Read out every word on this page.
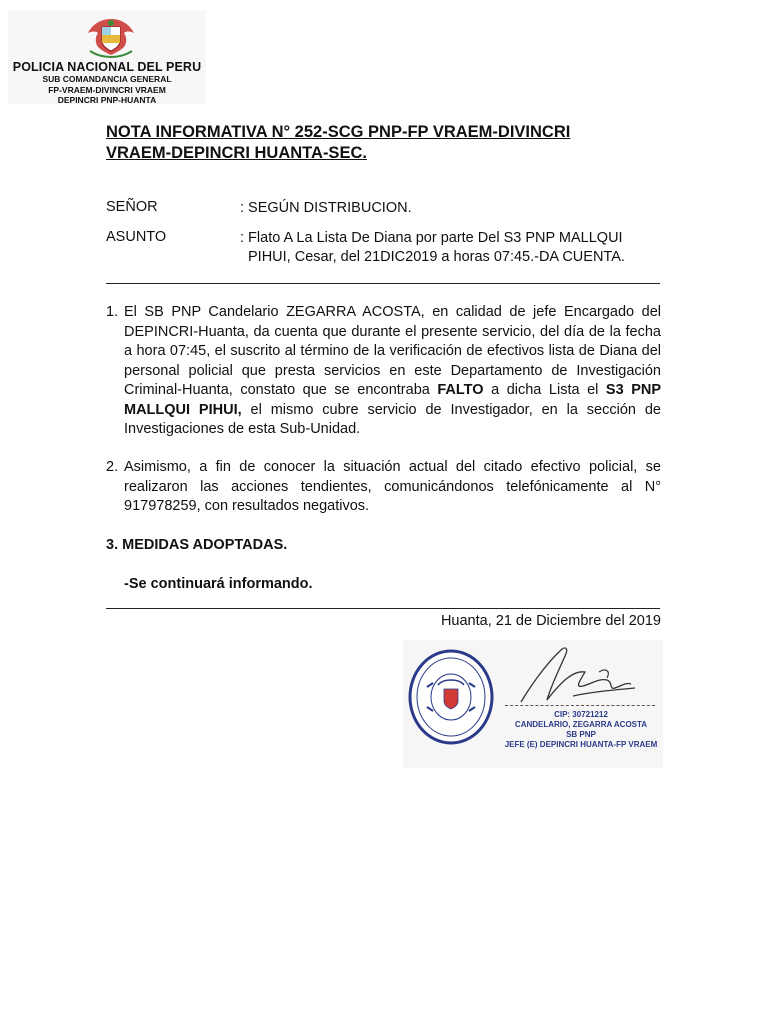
POLICIA NACIONAL DEL PERU
SUB COMANDANCIA GENERAL
FP-VRAEM-DIVINCRI VRAEM
DEPINCRI PNP-HUANTA
NOTA INFORMATIVA N° 252-SCG PNP-FP VRAEM-DIVINCRI
VRAEM-DEPINCRI HUANTA-SEC.
SEÑOR	: SEGÚN DISTRIBUCION.
ASUNTO	: Flato A La Lista De Diana por parte Del S3 PNP MALLQUI
PIHUI, Cesar, del 21DIC2019 a horas 07:45.-DA CUENTA.
1. El SB PNP Candelario ZEGARRA ACOSTA, en calidad de jefe Encargado del DEPINCRI-Huanta, da cuenta que durante el presente servicio, del día de la fecha a hora 07:45, el suscrito al término de la verificación de efectivos lista de Diana del personal policial que presta servicios en este Departamento de Investigación Criminal-Huanta, constato que se encontraba FALTO a dicha Lista el S3 PNP MALLQUI PIHUI, el mismo cubre servicio de Investigador, en la sección de Investigaciones de esta Sub-Unidad.
2. Asimismo, a fin de conocer la situación actual del citado efectivo policial, se realizaron las acciones tendientes, comunicándonos telefónicamente al N° 917978259, con resultados negativos.
3. MEDIDAS ADOPTADAS.
-Se continuará informando.
Huanta, 21 de Diciembre del 2019
CIP: 30721212
CANDELARIO, ZEGARRA ACOSTA
SB PNP
JEFE (E) DEPINCRI HUANTA-FP VRAEM
